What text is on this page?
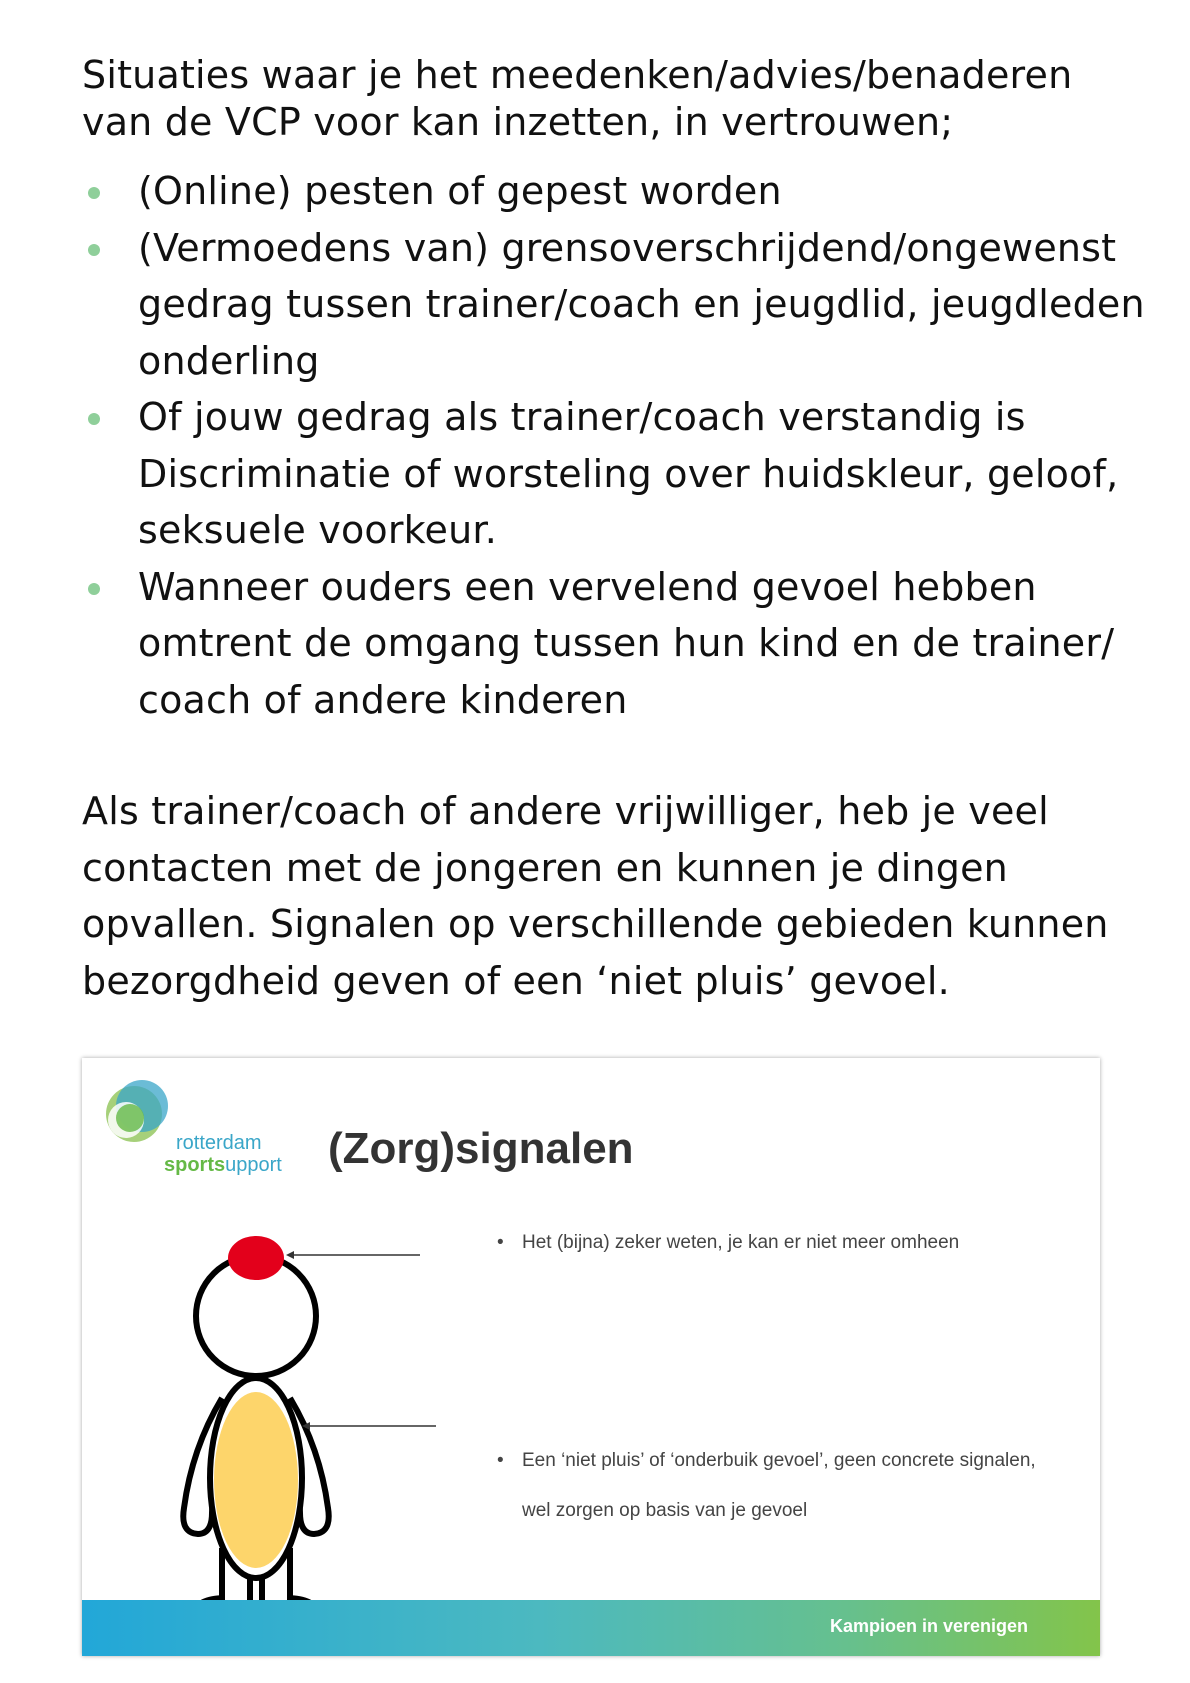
Situaties waar je het meedenken/advies/benaderen

van de VCP voor kan inzetten, in vertrouwen;

(Online) pesten of gepest worden
(Vermoedens van) grensoverschrijdend/ongewenst gedrag tussen trainer/coach en jeugdlid, jeugdleden onderling
Of jouw gedrag als trainer/coach verstandig is Discriminatie of worsteling over huidskleur, geloof, seksuele voorkeur.
Wanneer ouders een vervelend gevoel hebben omtrent de omgang tussen hun kind en de trainer/ coach of andere kinderen

Als trainer/coach of andere vrijwilliger, heb je veel

contacten met de jongeren en kunnen je dingen

opvallen. Signalen op verschillende gebieden kunnen

bezorgdheid geven of een ‘niet pluis’ gevoel.

rotterdam
sportsupport (Zorg)signalen
• Het (bijna) zeker weten, je kan er niet meer omheen
• Een ‘niet pluis’ of ‘onderbuik gevoel’, geen concrete signalen,
wel zorgen op basis van je gevoel
Kampioen in verenigen
